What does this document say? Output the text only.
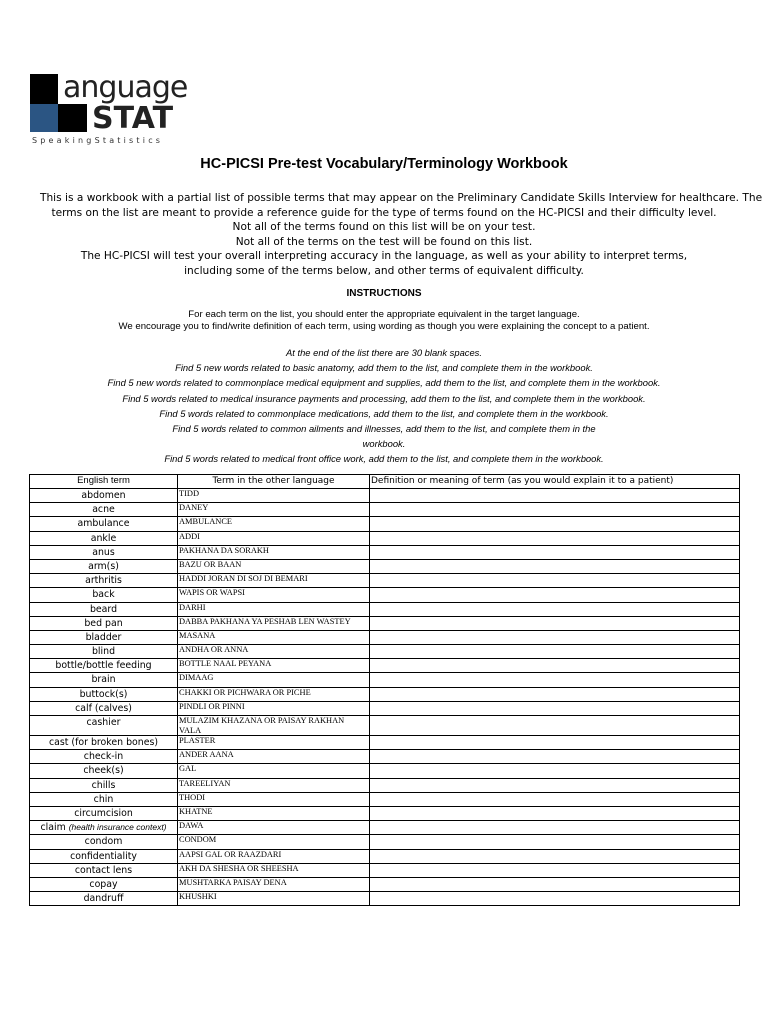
anguage
STAT
SpeakingStatistics
HC-PICSI Pre-test Vocabulary/Terminology Workbook
This is a workbook with a partial list of possible terms that may appear on the Preliminary Candidate Skills Interview for healthcare. The
terms on the list are meant to provide a reference guide for the type of terms found on the HC-PICSI and their difficulty level.
Not all of the terms found on this list will be on your test.
Not all of the terms on the test will be found on this list.
The HC-PICSI will test your overall interpreting accuracy in the language, as well as your ability to interpret terms,
including some of the terms below, and other terms of equivalent difficulty.
INSTRUCTIONS
For each term on the list, you should enter the appropriate equivalent in the target language.
We encourage you to find/write definition of each term, using wording as though you were explaining the concept to a patient.
At the end of the list there are 30 blank spaces.
Find 5 new words related to basic anatomy, add them to the list, and complete them in the workbook.
Find 5 new words related to commonplace medical equipment and supplies, add them to the list, and complete them in the workbook.
Find 5 words related to medical insurance payments and processing, add them to the list, and complete them in the workbook.
Find 5 words related to commonplace medications, add them to the list, and complete them in the workbook.
Find 5 words related to common ailments and illnesses, add them to the list, and complete them in the
workbook.
Find 5 words related to medical front office work, add them to the list, and complete them in the workbook.
English term	Term in the other language	Definition or meaning of term (as you would explain it to a patient)
abdomen	TIDD	
acne	DANEY	
ambulance	AMBULANCE	
ankle	ADDI	
anus	PAKHANA DA SORAKH	
arm(s)	BAZU OR BAAN	
arthritis	HADDI JORAN DI SOJ DI BEMARI	
back	WAPIS OR WAPSI	
beard	DARHI	
bed pan	DABBA PAKHANA YA PESHAB LEN WASTEY	
bladder	MASANA	
blind	ANDHA OR ANNA	
bottle/bottle feeding	BOTTLE NAAL PEYANA	
brain	DIMAAG	
buttock(s)	CHAKKI OR PICHWARA OR PICHE	
calf (calves)	PINDLI OR PINNI	
cashier	MULAZIM KHAZANA OR PAISAY RAKHAN VALA	
cast (for broken bones)	PLASTER	
check-in	ANDER AANA	
cheek(s)	GAL	
chills	TAREELIYAN	
chin	THODI	
circumcision	KHATNE	
claim (health insurance context)	DAWA	
condom	CONDOM	
confidentiality	AAPSI GAL OR RAAZDARI	
contact lens	AKH DA SHESHA OR SHEESHA	
copay	MUSHTARKA PAISAY DENA	
dandruff	KHUSHKI	
